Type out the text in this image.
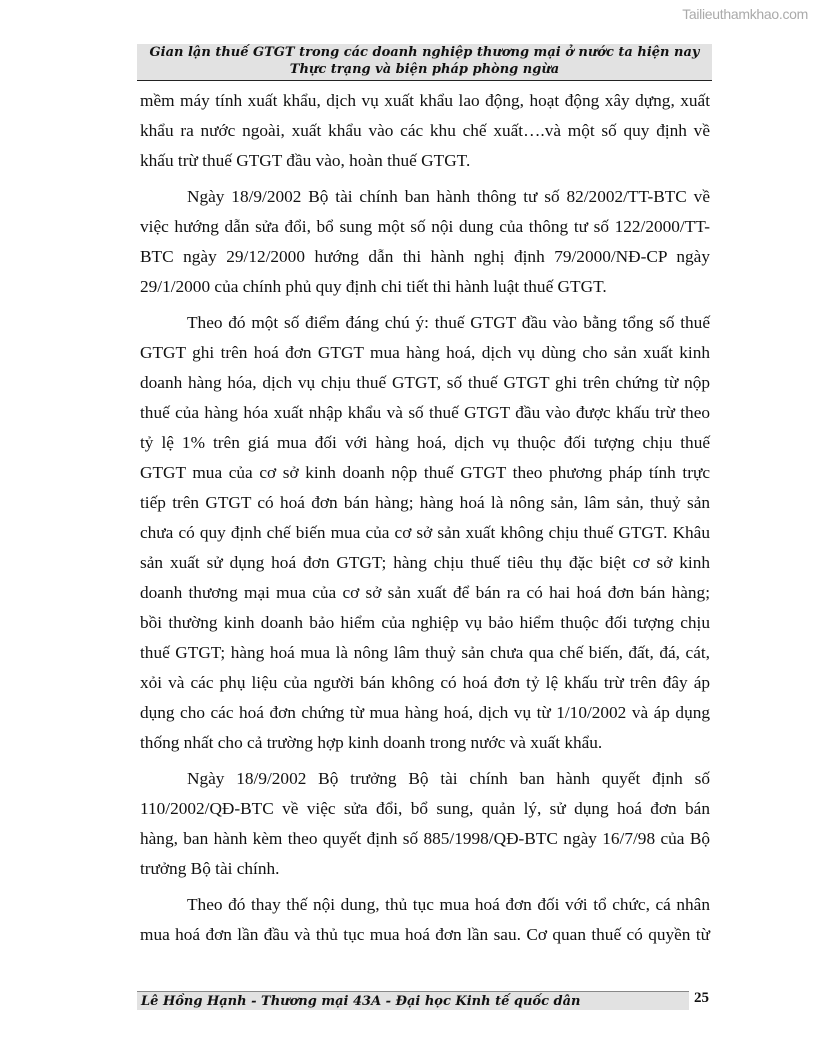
Tailieuthamkhao.com
Gian lận thuế GTGT trong các doanh nghiệp thương mại ở nước ta hiện nay
Thực trạng và biện pháp phòng ngừa
mềm máy tính xuất khẩu, dịch vụ xuất khẩu lao động, hoạt động xây dựng, xuất
khẩu ra nước ngoài, xuất khẩu vào các khu chế xuất….và một số quy định về
khấu trừ thuế GTGT đầu vào, hoàn thuế GTGT.
Ngày 18/9/2002 Bộ tài chính ban hành thông tư số 82/2002/TT-BTC về
việc hướng dẫn sửa đổi, bổ sung một số nội dung của thông tư số 122/2000/TT-
BTC ngày 29/12/2000 hướng dẫn thi hành nghị định 79/2000/NĐ-CP ngày
29/1/2000 của chính phủ quy định chi tiết thi hành luật thuế GTGT.
Theo đó một số điểm đáng chú ý: thuế GTGT đầu vào bằng tổng số thuế
GTGT ghi trên hoá đơn GTGT mua hàng hoá, dịch vụ dùng cho sản xuất kinh
doanh hàng hóa, dịch vụ chịu thuế GTGT, số thuế GTGT ghi trên chứng từ nộp
thuế của hàng hóa xuất nhập khẩu và số thuế GTGT đầu vào được khấu trừ theo
tỷ lệ 1% trên giá mua đối với hàng hoá, dịch vụ thuộc đối tượng chịu thuế
GTGT mua của cơ sở kinh doanh nộp thuế GTGT theo phương pháp tính trực
tiếp trên GTGT có hoá đơn bán hàng; hàng hoá là nông sản, lâm sản, thuỷ sản
chưa có quy định chế biến mua của cơ sở sản xuất không chịu thuế GTGT. Khâu
sản xuất sử dụng hoá đơn GTGT; hàng chịu thuế tiêu thụ đặc biệt cơ sở kinh
doanh thương mại mua của cơ sở sản xuất để bán ra có hai hoá đơn bán hàng;
bồi thường kinh doanh bảo hiểm của nghiệp vụ bảo hiểm thuộc đối tượng chịu
thuế GTGT; hàng hoá mua là nông lâm thuỷ sản chưa qua chế biến, đất, đá, cát,
xỏi và các phụ liệu của người bán không có hoá đơn tỷ lệ khấu trừ trên đây áp
dụng cho các hoá đơn chứng từ mua hàng hoá, dịch vụ từ 1/10/2002 và áp dụng
thống nhất cho cả trường hợp kinh doanh trong nước và xuất khẩu.
Ngày 18/9/2002 Bộ trưởng Bộ tài chính ban hành quyết định số
110/2002/QĐ-BTC về việc sửa đổi, bổ sung, quản lý, sử dụng hoá đơn bán
hàng, ban hành kèm theo quyết định số 885/1998/QĐ-BTC ngày 16/7/98 của Bộ
trưởng Bộ tài chính.
Theo đó thay thế nội dung, thủ tục mua hoá đơn đối với tổ chức, cá nhân
mua hoá đơn lần đầu và thủ tục mua hoá đơn lần sau. Cơ quan thuế có quyền từ
Lê Hồng Hạnh - Thương mại 43A - Đại học Kinh tế quốc dân	25
